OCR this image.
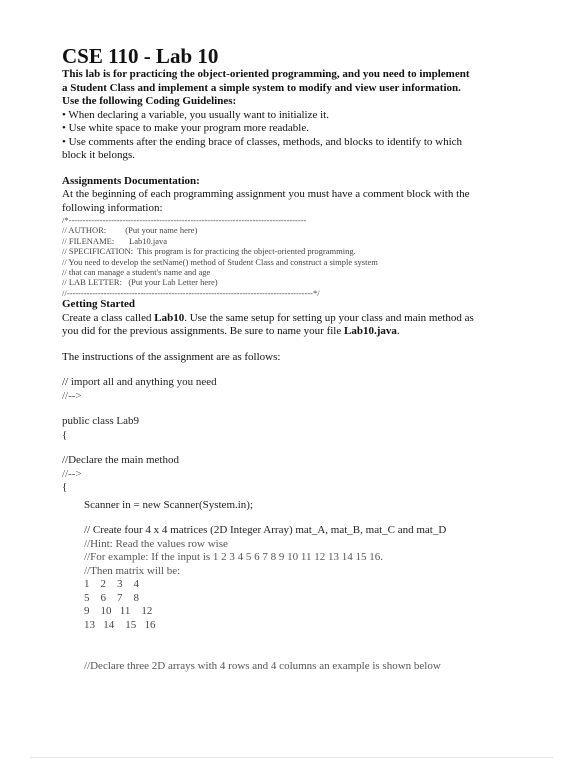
CSE 110 - Lab 10

This lab is for practicing the object-oriented programming, and you need to implement

a Student Class and implement a simple system to modify and view user information.

Use the following Coding Guidelines:

• When declaring a variable, you usually want to initialize it.

• Use white space to make your program more readable.

• Use comments after the ending brace of classes, methods, and blocks to identify to which

block it belongs.

Assignments Documentation:

At the beginning of each programming assignment you must have a comment block with the

following information:

/*------------------------------------------------------------------------------------

// AUTHOR:         (Put your name here)

// FILENAME:       Lab10.java

// SPECIFICATION:  This program is for practicing the object-oriented programming.

// You need to develop the setName() method of Student Class and construct a simple system

// that can manage a student's name and age

// LAB LETTER:   (Put your Lab Letter here)

//---------------------------------------------------------------------------------------*/

Getting Started

Create a class called Lab10. Use the same setup for setting up your class and main method as

you did for the previous assignments. Be sure to name your file Lab10.java.

The instructions of the assignment are as follows:

// import all and anything you need

//-->

public class Lab9

{

//Declare the main method

//-->

{

Scanner in = new Scanner(System.in);

// Create four 4 x 4 matrices (2D Integer Array) mat_A, mat_B, mat_C and mat_D

//Hint: Read the values row wise

//For example: If the input is 1 2 3 4 5 6 7 8 9 10 11 12 13 14 15 16.

//Then matrix will be:

1    2    3    4
5    6    7    8
9    10   11    12
13   14    15   16

//Declare three 2D arrays with 4 rows and 4 columns an example is shown below
